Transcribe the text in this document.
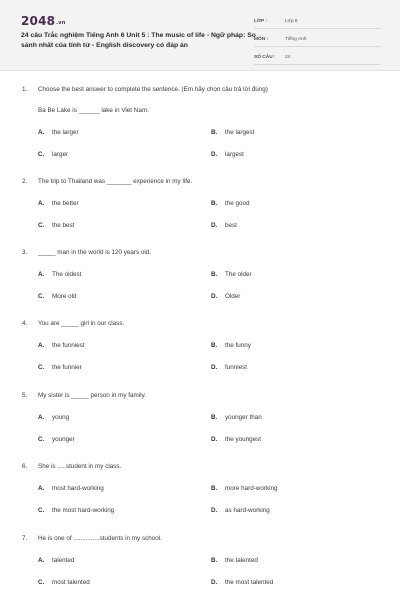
2048.vn
24 câu Trắc nghiệm Tiếng Anh 6 Unit 5 : The music of life - Ngữ pháp: So sánh nhất của tính từ - English discovery có đáp án
LỚP :	Lớp 6
MÔN :	Tiếng Anh
SỐ CÂU :	24
1. Choose the best answer to complete the sentence. (Em hãy chọn câu trả lời đúng)
Ba Be Lake is ______ lake in Viet Nam.
A. the larger	B. the largest
C. larger	D. largest
2. The trip to Thailand was _______ experience in my life.
A. the better	B. the good
C. the best	D. best
3. _____ man in the world is 120 years old.
A. The oldest	B. The older
C. More old	D. Older
4. You are _____ girl in our class.
A. the funniest	B. the funny
C. the funnier	D. funniest
5. My sister is _____ person in my family.
A. young	B. younger than
C. younger	D. the youngest
6. She is .....student in my class.
A. most hard-working	B. more hard-working
C. the most hard-working	D. as hard-working
7. He is one of ...............students in my school.
A. talented	B. the talented
C. most talented	D. the most talented
